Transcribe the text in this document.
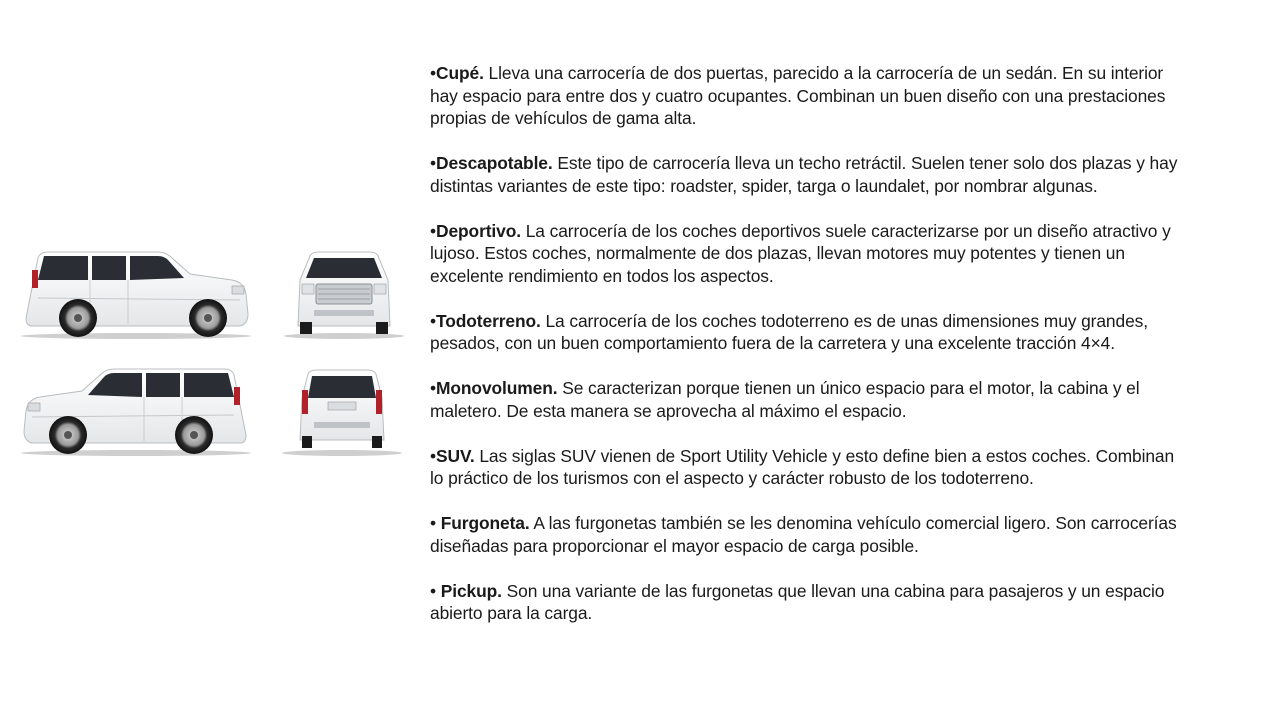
•Cupé. Lleva una carrocería de dos puertas, parecido a la carrocería de un sedán. En su interior hay espacio para entre dos y cuatro ocupantes. Combinan un buen diseño con una prestaciones propias de vehículos de gama alta.

•Descapotable. Este tipo de carrocería lleva un techo retráctil. Suelen tener solo dos plazas y hay distintas variantes de este tipo: roadster, spider, targa o laundalet, por nombrar algunas.

•Deportivo. La carrocería de los coches deportivos suele caracterizarse por un diseño atractivo y lujoso. Estos coches, normalmente de dos plazas, llevan motores muy potentes y tienen un excelente rendimiento en todos los aspectos.

•Todoterreno. La carrocería de los coches todoterreno es de unas dimensiones muy grandes, pesados, con un buen comportamiento fuera de la carretera y una excelente tracción 4×4.

•Monovolumen. Se caracterizan porque tienen un único espacio para el motor, la cabina y el maletero. De esta manera se aprovecha al máximo el espacio.

•SUV. Las siglas SUV vienen de Sport Utility Vehicle y esto define bien a estos coches. Combinan lo práctico de los turismos con el aspecto y carácter robusto de los todoterreno.

• Furgoneta. A las furgonetas también se les denomina vehículo comercial ligero. Son carrocerías diseñadas para proporcionar el mayor espacio de carga posible.

• Pickup. Son una variante de las furgonetas que llevan una cabina para pasajeros y un espacio abierto para la carga.
